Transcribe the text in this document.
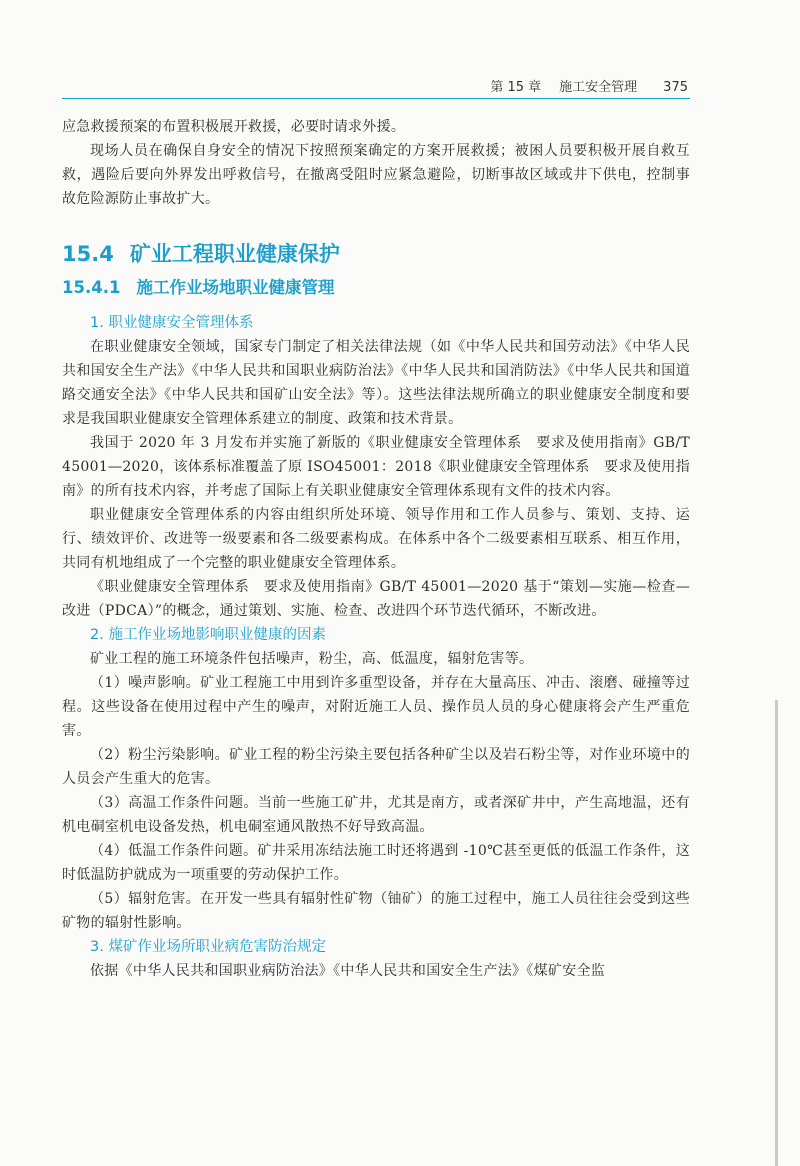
第 15 章 施工安全管理 375

应急救援预案的布置积极展开救援，必要时请求外援。

现场人员在确保自身安全的情况下按照预案确定的方案开展救援；被困人员要积极开展自救互救，遇险后要向外界发出呼救信号，在撤离受阻时应紧急避险，切断事故区域或井下供电，控制事故危险源防止事故扩大。

15.4 矿业工程职业健康保护
15.4.1 施工作业场地职业健康管理
1. 职业健康安全管理体系

在职业健康安全领域，国家专门制定了相关法律法规（如《中华人民共和国劳动法》《中华人民共和国安全生产法》《中华人民共和国职业病防治法》《中华人民共和国消防法》《中华人民共和国道路交通安全法》《中华人民共和国矿山安全法》等）。这些法律法规所确立的职业健康安全制度和要求是我国职业健康安全管理体系建立的制度、政策和技术背景。

我国于 2020 年 3 月发布并实施了新版的《职业健康安全管理体系　要求及使用指南》GB/T 45001—2020，该体系标准覆盖了原 ISO45001：2018《职业健康安全管理体系　要求及使用指南》的所有技术内容，并考虑了国际上有关职业健康安全管理体系现有文件的技术内容。

职业健康安全管理体系的内容由组织所处环境、领导作用和工作人员参与、策划、支持、运行、绩效评价、改进等一级要素和各二级要素构成。在体系中各个二级要素相互联系、相互作用，共同有机地组成了一个完整的职业健康安全管理体系。

《职业健康安全管理体系　要求及使用指南》GB/T 45001—2020 基于“策划—实施—检查—改进（PDCA）”的概念，通过策划、实施、检查、改进四个环节迭代循环，不断改进。

2. 施工作业场地影响职业健康的因素

矿业工程的施工环境条件包括噪声，粉尘，高、低温度，辐射危害等。

（1）噪声影响。矿业工程施工中用到许多重型设备，并存在大量高压、冲击、滚磨、碰撞等过程。这些设备在使用过程中产生的噪声，对附近施工人员、操作员人员的身心健康将会产生严重危害。

（2）粉尘污染影响。矿业工程的粉尘污染主要包括各种矿尘以及岩石粉尘等，对作业环境中的人员会产生重大的危害。

（3）高温工作条件问题。当前一些施工矿井，尤其是南方，或者深矿井中，产生高地温，还有机电硐室机电设备发热，机电硐室通风散热不好导致高温。

（4）低温工作条件问题。矿井采用冻结法施工时还将遇到 -10℃甚至更低的低温工作条件，这时低温防护就成为一项重要的劳动保护工作。

（5）辐射危害。在开发一些具有辐射性矿物（铀矿）的施工过程中，施工人员往往会受到这些矿物的辐射性影响。

3. 煤矿作业场所职业病危害防治规定

依据《中华人民共和国职业病防治法》《中华人民共和国安全生产法》《煤矿安全监
